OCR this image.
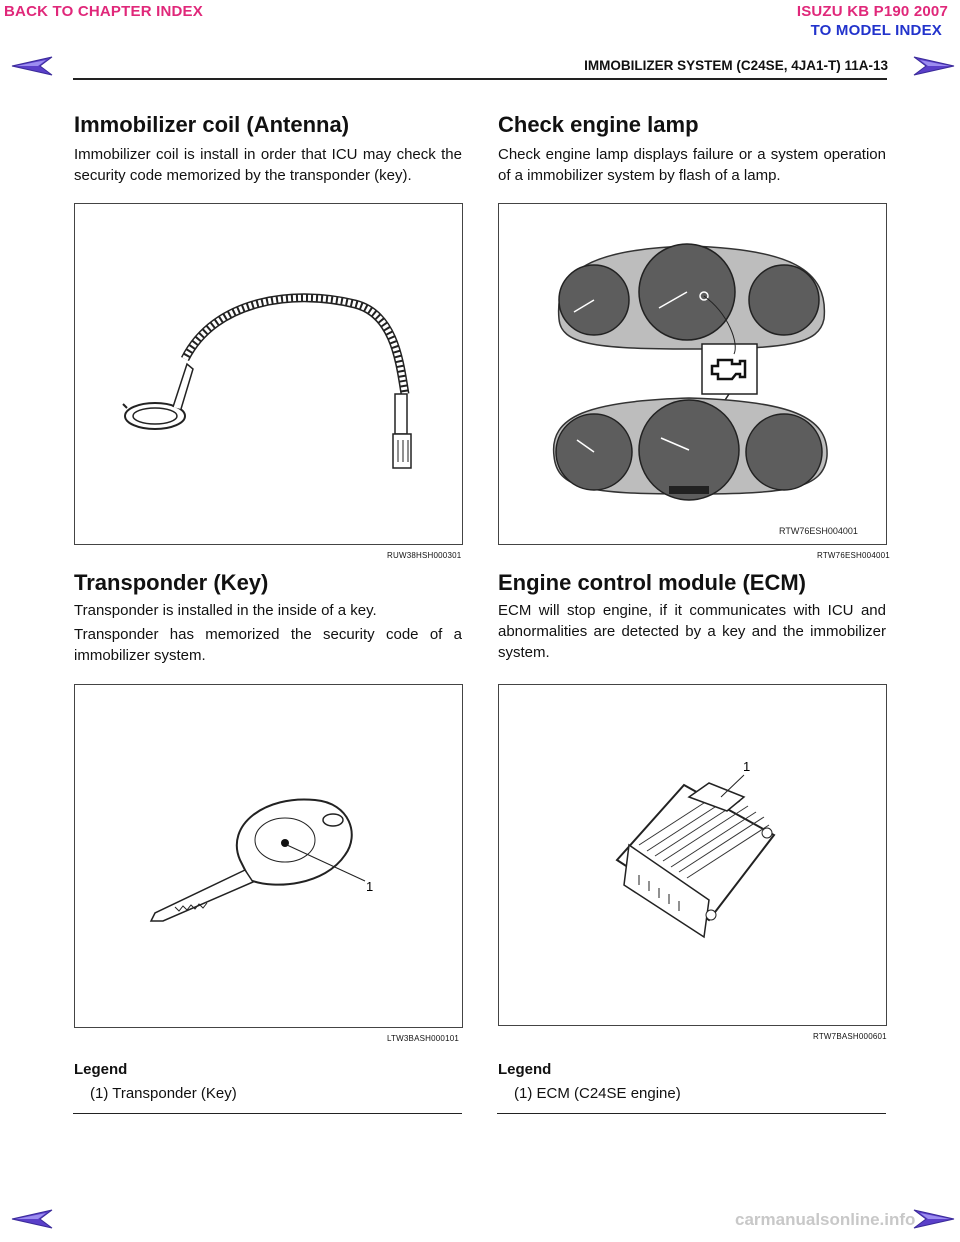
BACK TO CHAPTER INDEX	ISUZU KB P190 2007
TO MODEL INDEX
IMMOBILIZER SYSTEM (C24SE, 4JA1-T) 11A-13
Immobilizer coil (Antenna)

Immobilizer coil is install in order that ICU may check the security code memorized by the transponder (key).

RUW38HSH000301
Transponder (Key)

Transponder is installed in the inside of a key.

Transponder has memorized the security code of a immobilizer system.

1
LTW3BASH000101
Legend
(1) Transponder (Key)
Check engine lamp

Check engine lamp displays failure or a system operation of a immobilizer system by flash of a lamp.

RTW76ESH004001
RTW76ESH004001
Engine control module (ECM)

ECM will stop engine, if it communicates with ICU and abnormalities are detected by a key and the immobilizer system.

1
RTW7BASH000601
Legend
(1) ECM (C24SE engine)
carmanualsonline.info
